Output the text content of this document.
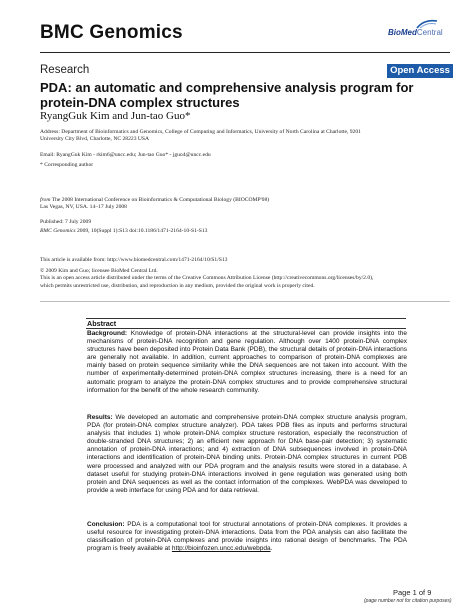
BMC Genomics	BioMedCentral
Research	Open Access
PDA: an automatic and comprehensive analysis program for
protein-DNA complex structures
RyangGuk Kim and Jun-tao Guo*
Address: Department of Bioinformatics and Genomics, College of Computing and Informatics, University of North Carolina at Charlotte, 9201
University City Blvd, Charlotte, NC 28223 USA
Email: RyangGuk Kim - rkim6@uncc.edu; Jun-tao Guo* - jguo4@uncc.edu
* Corresponding author
from The 2008 International Conference on Bioinformatics & Computational Biology (BIOCOMP'08)
Las Vegas, NV, USA. 14–17 July 2008
Published: 7 July 2009
BMC Genomics 2009, 10(Suppl 1):S13 doi:10.1186/1471-2164-10-S1-S13
This article is available from: http://www.biomedcentral.com/1471-2164/10/S1/S13
© 2009 Kim and Guo; licensee BioMed Central Ltd.
This is an open access article distributed under the terms of the Creative Commons Attribution License (http://creativecommons.org/licenses/by/2.0),
which permits unrestricted use, distribution, and reproduction in any medium, provided the original work is properly cited.
Abstract
Background: Knowledge of protein-DNA interactions at the structural-level can provide insights into the mechanisms of protein-DNA recognition and gene regulation. Although over 1400 protein-DNA complex structures have been deposited into Protein Data Bank (PDB), the structural details of protein-DNA interactions are generally not available. In addition, current approaches to comparison of protein-DNA complexes are mainly based on protein sequence similarity while the DNA sequences are not taken into account. With the number of experimentally-determined protein-DNA complex structures increasing, there is a need for an automatic program to analyze the protein-DNA complex structures and to provide comprehensive structural information for the benefit of the whole research community.
Results: We developed an automatic and comprehensive protein-DNA complex structure analysis program, PDA (for protein-DNA complex structure analyzer). PDA takes PDB files as inputs and performs structural analysis that includes 1) whole protein-DNA complex structure restoration, especially the reconstruction of double-stranded DNA structures; 2) an efficient new approach for DNA base-pair detection; 3) systematic annotation of protein-DNA interactions; and 4) extraction of DNA subsequences involved in protein-DNA interactions and identification of protein-DNA binding units. Protein-DNA complex structures in current PDB were processed and analyzed with our PDA program and the analysis results were stored in a database. A dataset useful for studying protein-DNA interactions involved in gene regulation was generated using both protein and DNA sequences as well as the contact information of the complexes. WebPDA was developed to provide a web interface for using PDA and for data retrieval.
Conclusion: PDA is a computational tool for structural annotations of protein-DNA complexes. It provides a useful resource for investigating protein-DNA interactions. Data from the PDA analysis can also facilitate the classification of protein-DNA complexes and provide insights into rational design of benchmarks. The PDA program is freely available at http://bioinfozen.uncc.edu/webpda.
Page 1 of 9
(page number not for citation purposes)
